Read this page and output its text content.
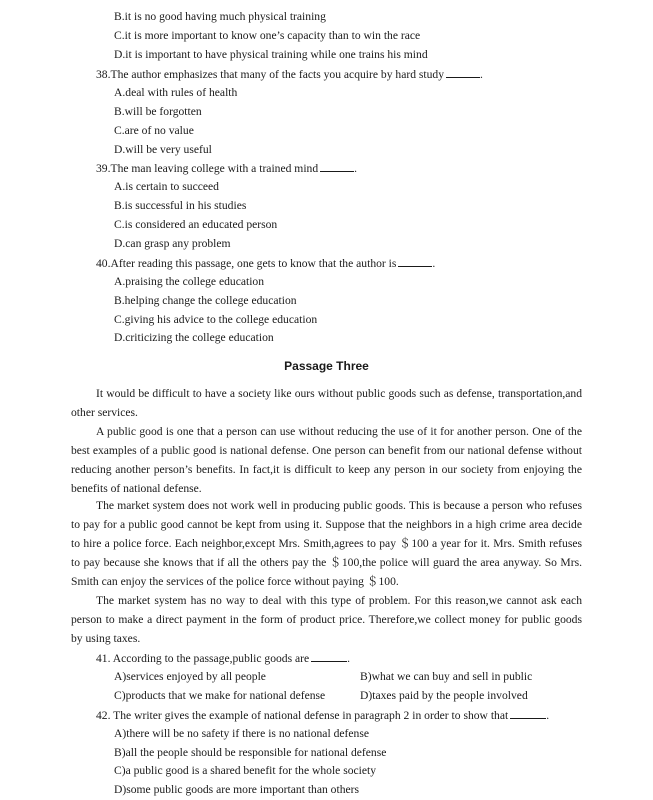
B.it is no good having much physical training
C.it is more important to know one’s capacity than to win the race
D.it is important to have physical training while one trains his mind
38.The author emphasizes that many of the facts you acquire by hard study	.
A.deal with rules of health
B.will be forgotten
C.are of no value
D.will be very useful
39.The man leaving college with a trained mind	.
A.is certain to succeed
B.is successful in his studies
C.is considered an educated person
D.can grasp any problem
40.After reading this passage, one gets to know that the author is	.
A.praising the college education
B.helping change the college education
C.giving his advice to the college education
D.criticizing the college education
Passage Three
It would be difficult to have a society like ours without public goods such as defense, transportation,and other services.
A public good is one that a person can use without reducing the use of it for another person. One of the best examples of a public good is national defense. One person can benefit from our national defense without reducing another person’s benefits. In fact,it is difficult to keep any person in our society from enjoying the benefits of national defense.
The market system does not work well in producing public goods. This is because a person who refuses to pay for a public good cannot be kept from using it. Suppose that the neighbors in a high crime area decide to hire a police force. Each neighbor,except Mrs. Smith,agrees to pay ＄100 a year for it. Mrs. Smith refuses to pay because she knows that if all the others pay the ＄100,the police will guard the area anyway. So Mrs. Smith can enjoy the services of the police force without paying ＄100.
The market system has no way to deal with this type of problem. For this reason,we cannot ask each person to make a direct payment in the form of product price. Therefore,we collect money for public goods by using taxes.
41. According to the passage,public goods are	.
A)services enjoyed by all people	B)what we can buy and sell in public
C)products that we make for national defense	D)taxes paid by the people involved
42. The writer gives the example of national defense in paragraph 2 in order to show that	.
A)there will be no safety if there is no national defense
B)all the people should be responsible for national defense
C)a public good is a shared benefit for the whole society
D)some public goods are more important than others
